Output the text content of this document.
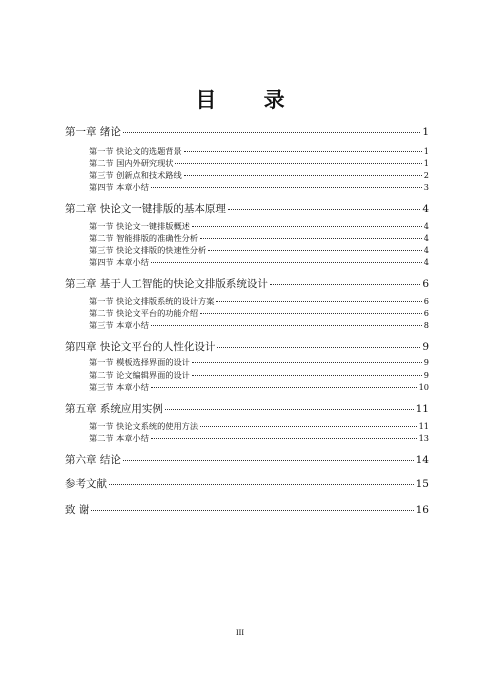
目 录
第一章 绪论	1
第一节 快论文的选题背景	1
第二节 国内外研究现状	1
第三节 创新点和技术路线	2
第四节 本章小结	3
第二章 快论文一键排版的基本原理	4
第一节 快论文一键排版概述	4
第二节 智能排版的准确性分析	4
第三节 快论文排版的快速性分析	4
第四节 本章小结	4
第三章 基于人工智能的快论文排版系统设计	6
第一节 快论文排版系统的设计方案	6
第二节 快论文平台的功能介绍	6
第三节 本章小结	8
第四章 快论文平台的人性化设计	9
第一节 模板选择界面的设计	9
第二节 论文编辑界面的设计	9
第三节 本章小结	10
第五章 系统应用实例	11
第一节 快论文系统的使用方法	11
第二节 本章小结	13
第六章 结论	14
参考文献	15
致 谢	16
III
